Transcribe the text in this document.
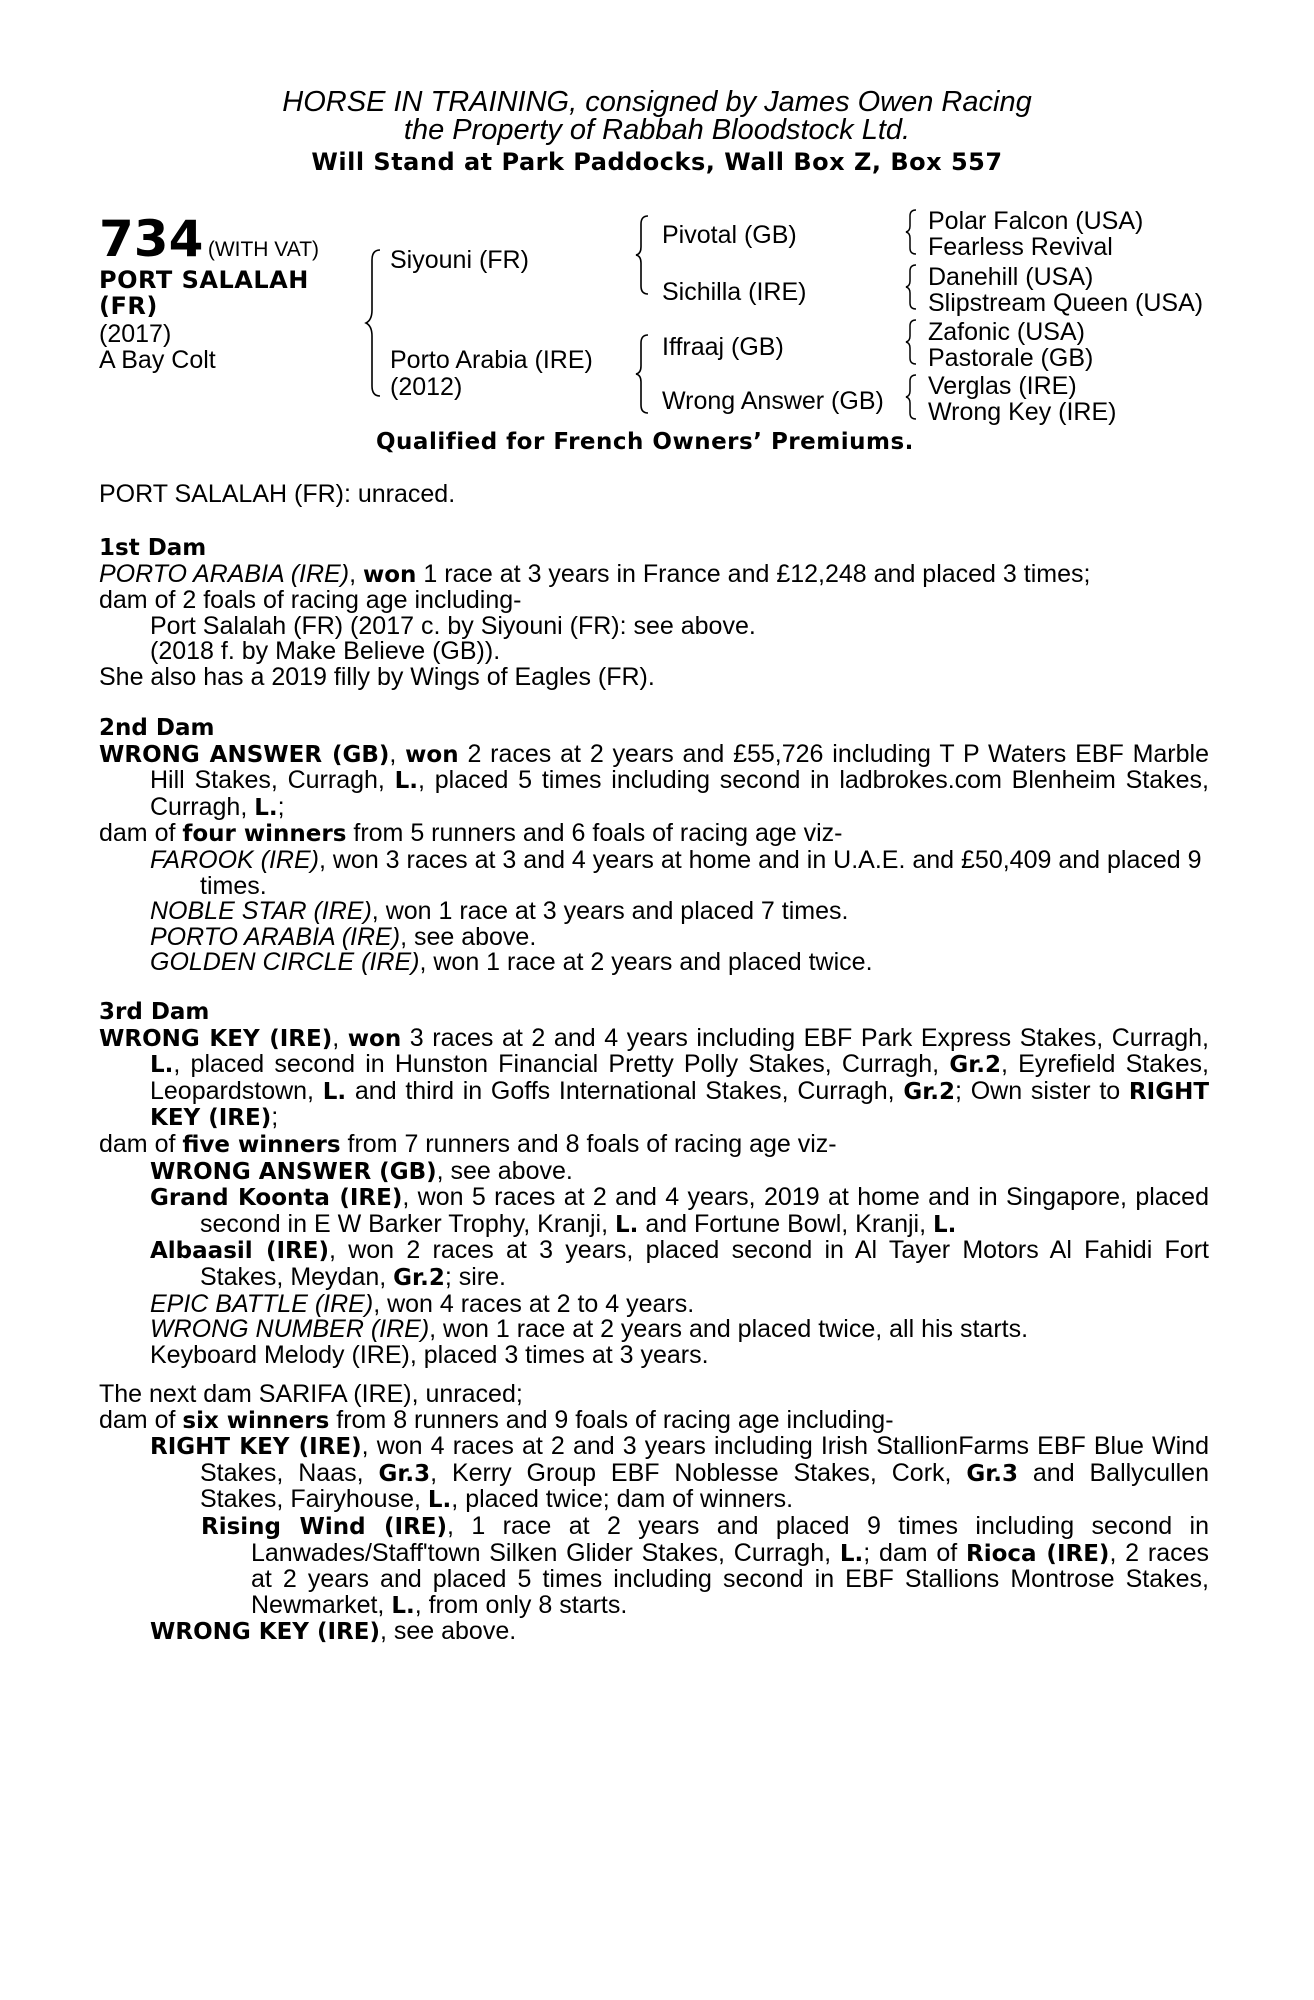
HORSE IN TRAINING, consigned by James Owen Racing
the Property of Rabbah Bloodstock Ltd.
Will Stand at Park Paddocks, Wall Box Z, Box 557
734 (WITH VAT)
PORT SALALAH
(FR)
(2017)
A Bay Colt
Siyouni (FR)
Porto Arabia (IRE)
(2012)
Pivotal (GB)
Sichilla (IRE)
Iffraaj (GB)
Wrong Answer (GB)
Polar Falcon (USA)
Fearless Revival
Danehill (USA)
Slipstream Queen (USA)
Zafonic (USA)
Pastorale (GB)
Verglas (IRE)
Wrong Key (IRE)
Qualified for French Owners’ Premiums.
PORT SALALAH (FR): unraced.
1st Dam
PORTO ARABIA (IRE), won 1 race at 3 years in France and £12,248 and placed 3 times;
dam of 2 foals of racing age including-
Port Salalah (FR) (2017 c. by Siyouni (FR): see above.
(2018 f. by Make Believe (GB)).
She also has a 2019 filly by Wings of Eagles (FR).
2nd Dam
WRONG ANSWER (GB), won 2 races at 2 years and £55,726 including T P Waters EBF Marble Hill Stakes, Curragh, L., placed 5 times including second in ladbrokes.com Blenheim Stakes, Curragh, L.;
dam of four winners from 5 runners and 6 foals of racing age viz-
FAROOK (IRE), won 3 races at 3 and 4 years at home and in U.A.E. and £50,409 and placed 9 times.
NOBLE STAR (IRE), won 1 race at 3 years and placed 7 times.
PORTO ARABIA (IRE), see above.
GOLDEN CIRCLE (IRE), won 1 race at 2 years and placed twice.
3rd Dam
WRONG KEY (IRE), won 3 races at 2 and 4 years including EBF Park Express Stakes, Curragh, L., placed second in Hunston Financial Pretty Polly Stakes, Curragh, Gr.2, Eyrefield Stakes, Leopardstown, L. and third in Goffs International Stakes, Curragh, Gr.2; Own sister to RIGHT KEY (IRE);
dam of five winners from 7 runners and 8 foals of racing age viz-
WRONG ANSWER (GB), see above.
Grand Koonta (IRE), won 5 races at 2 and 4 years, 2019 at home and in Singapore, placed second in E W Barker Trophy, Kranji, L. and Fortune Bowl, Kranji, L.
Albaasil (IRE), won 2 races at 3 years, placed second in Al Tayer Motors Al Fahidi Fort Stakes, Meydan, Gr.2; sire.
EPIC BATTLE (IRE), won 4 races at 2 to 4 years.
WRONG NUMBER (IRE), won 1 race at 2 years and placed twice, all his starts.
Keyboard Melody (IRE), placed 3 times at 3 years.
The next dam SARIFA (IRE), unraced;
dam of six winners from 8 runners and 9 foals of racing age including-
RIGHT KEY (IRE), won 4 races at 2 and 3 years including Irish StallionFarms EBF Blue Wind Stakes, Naas, Gr.3, Kerry Group EBF Noblesse Stakes, Cork, Gr.3 and Ballycullen Stakes, Fairyhouse, L., placed twice; dam of winners.
Rising Wind (IRE), 1 race at 2 years and placed 9 times including second in Lanwades/Staff'town Silken Glider Stakes, Curragh, L.; dam of Rioca (IRE), 2 races at 2 years and placed 5 times including second in EBF Stallions Montrose Stakes, Newmarket, L., from only 8 starts.
WRONG KEY (IRE), see above.
